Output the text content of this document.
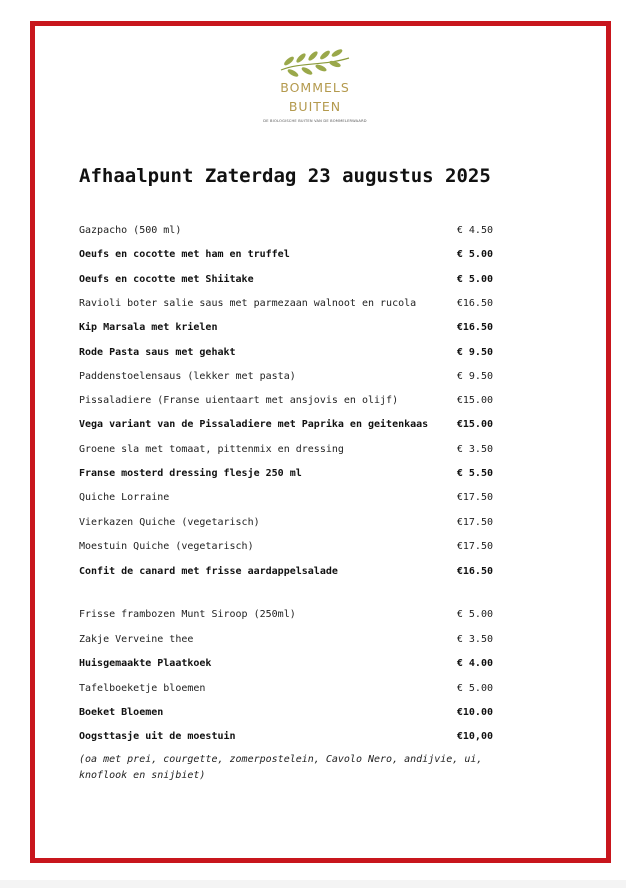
BOMMELS
BUITEN
DE BIOLOGISCHE BUITEN VAN DE BOMMELERWAARD
Afhaalpunt Zaterdag 23 augustus 2025
Gazpacho (500 ml)	€ 4.50
Oeufs en cocotte met ham en truffel	€ 5.00
Oeufs en cocotte met Shiitake	€ 5.00
Ravioli boter salie saus met parmezaan walnoot en rucola	€16.50
Kip Marsala met krielen	€16.50
Rode Pasta saus met gehakt	€ 9.50
Paddenstoelensaus (lekker met pasta)	€ 9.50
Pissaladiere (Franse uientaart met ansjovis en olijf)	€15.00
Vega variant van de Pissaladiere met Paprika en geitenkaas	€15.00
Groene sla met tomaat, pittenmix en dressing	€ 3.50
Franse mosterd dressing flesje 250 ml	€ 5.50
Quiche Lorraine	€17.50
Vierkazen Quiche (vegetarisch)	€17.50
Moestuin Quiche (vegetarisch)	€17.50
Confit de canard met frisse aardappelsalade	€16.50
Frisse frambozen Munt Siroop (250ml)	€ 5.00
Zakje Verveine thee	€ 3.50
Huisgemaakte Plaatkoek	€ 4.00
Tafelboeketje bloemen	€ 5.00
Boeket Bloemen	€10.00
Oogsttasje uit de moestuin	€10,00
(oa met prei, courgette, zomerpostelein, Cavolo Nero, andijvie, ui, knoflook en snijbiet)
